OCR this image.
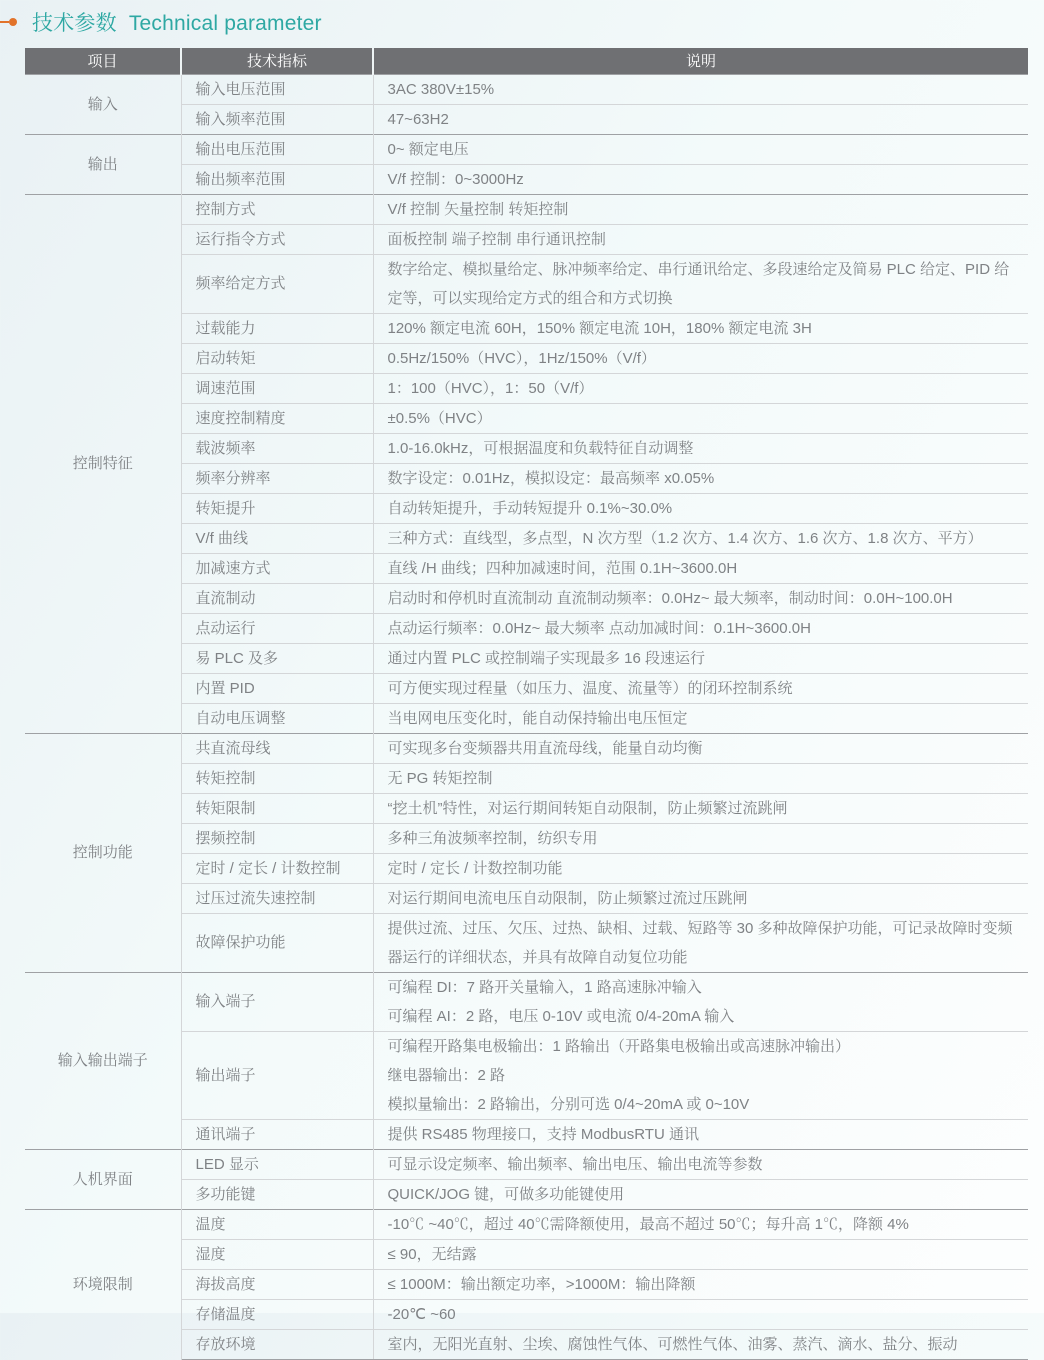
技术参数 Technical parameter
项目	技术指标	说明
输入	输入电压范围	3AC 380V±15%

	输入频率范围	47~63H2

输出	输出电压范围	0~ 额定电压

	输出频率范围	V/f 控制：0~3000Hz

控制特征	控制方式	V/f 控制 矢量控制 转矩控制

	运行指令方式	面板控制 端子控制 串行通讯控制

	频率给定方式	数字给定、模拟量给定、脉冲频率给定、串行通讯给定、多段速给定及简易 PLC 给定、PID 给定等，可以实现给定方式的组合和方式切换

	过载能力	120% 额定电流 60H，150% 额定电流 10H，180% 额定电流 3H

	启动转矩	0.5Hz/150%（HVC），1Hz/150%（V/f）

	调速范围	1：100（HVC），1：50（V/f）

	速度控制精度	±0.5%（HVC）

	载波频率	1.0-16.0kHz，可根据温度和负载特征自动调整

	频率分辨率	数字设定：0.01Hz，模拟设定：最高频率 x0.05%

	转矩提升	自动转矩提升，手动转短提升 0.1%~30.0%

	V/f 曲线	三种方式：直线型，多点型，N 次方型（1.2 次方、1.4 次方、1.6 次方、1.8 次方、平方）

	加减速方式	直线 /H 曲线；四种加减速时间，范围 0.1H~3600.0H

	直流制动	启动时和停机时直流制动 直流制动频率：0.0Hz~ 最大频率，制动时间：0.0H~100.0H

	点动运行	点动运行频率：0.0Hz~ 最大频率 点动加减时间：0.1H~3600.0H

	易 PLC 及多	通过内置 PLC 或控制端子实现最多 16 段速运行

	内置 PID	可方便实现过程量（如压力、温度、流量等）的闭环控制系统

	自动电压调整	当电网电压变化时，能自动保持输出电压恒定

控制功能	共直流母线	可实现多台变频器共用直流母线，能量自动均衡

	转矩控制	无 PG 转矩控制

	转矩限制	“挖土机”特性，对运行期间转矩自动限制，防止频繁过流跳闸

	摆频控制	多种三角波频率控制，纺织专用

	定时 / 定长 / 计数控制	定时 / 定长 / 计数控制功能

	过压过流失速控制	对运行期间电流电压自动限制，防止频繁过流过压跳闸

	故障保护功能	提供过流、过压、欠压、过热、缺相、过载、短路等 30 多种故障保护功能，可记录故障时变频器运行的详细状态，并具有故障自动复位功能

输入输出端子	输入端子	可编程 DI：7 路开关量输入，1 路高速脉冲输入
可编程 AI：2 路，电压 0-10V 或电流 0/4-20mA 输入

	输出端子	可编程开路集电极输出：1 路输出（开路集电极输出或高速脉冲输出）
继电器输出：2 路
模拟量输出：2 路输出，分别可选 0/4~20mA 或 0~10V

	通讯端子	提供 RS485 物理接口，支持 ModbusRTU 通讯

人机界面	LED 显示	可显示设定频率、输出频率、输出电压、输出电流等参数

	多功能键	QUICK/JOG 键，可做多功能键使用

环境限制	温度	-10℃ ~40℃，超过 40℃需降额使用，最高不超过 50℃；每升高 1℃，降额 4%

	湿度	≤ 90，无结露

	海拔高度	≤ 1000M：输出额定功率，>1000M：输出降额

	存储温度	-20℃ ~60

	存放环境	室内，无阳光直射、尘埃、腐蚀性气体、可燃性气体、油雾、蒸汽、滴水、盐分、振动
